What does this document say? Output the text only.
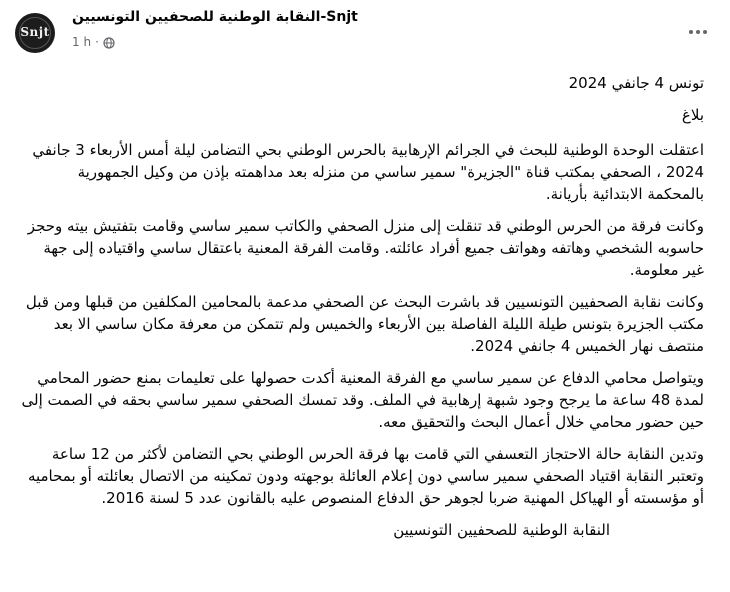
Snjt
النقابة الوطنية للصحفيين التونسيين-Snjt
1 h ·

تونس 4 جانفي 2024

بلاغ

اعتقلت الوحدة الوطنية للبحث في الجرائم الإرهابية بالحرس الوطني بحي التضامن ليلة أمس الأربعاء 3 جانفي 2024 ، الصحفي بمكتب قناة "الجزيرة" سمير ساسي من منزله بعد مداهمته بإذن من وكيل الجمهورية بالمحكمة الابتدائية بأريانة.

وكانت فرقة من الحرس الوطني قد تنقلت إلى منزل الصحفي والكاتب سمير ساسي وقامت بتفتيش بيته وحجز حاسوبه الشخصي وهاتفه وهواتف جميع أفراد عائلته. وقامت الفرقة المعنية باعتقال ساسي واقتياده إلى جهة غير معلومة.

وكانت نقابة الصحفيين التونسيين قد باشرت البحث عن الصحفي مدعمة بالمحامين المكلفين من قبلها ومن قبل مكتب الجزيرة بتونس طيلة الليلة الفاصلة بين الأربعاء والخميس ولم تتمكن من معرفة مكان ساسي الا بعد منتصف نهار الخميس 4 جانفي 2024.

ويتواصل محامي الدفاع عن سمير ساسي مع الفرقة المعنية أكدت حصولها على تعليمات بمنع حضور المحامي لمدة 48 ساعة ما يرجح وجود شبهة إرهابية في الملف. وقد تمسك الصحفي سمير ساسي بحقه في الصمت إلى حين حضور محامي خلال أعمال البحث والتحقيق معه.

وتدين النقابة حالة الاحتجاز التعسفي التي قامت بها فرقة الحرس الوطني بحي التضامن لأكثر من 12 ساعة وتعتبر النقابة اقتياد الصحفي سمير ساسي دون إعلام العائلة بوجهته ودون تمكينه من الاتصال بعائلته أو بمحاميه أو مؤسسته أو الهياكل المهنية ضربا لجوهر حق الدفاع المنصوص عليه بالقانون عدد 5 لسنة 2016.

النقابة الوطنية للصحفيين التونسيين
